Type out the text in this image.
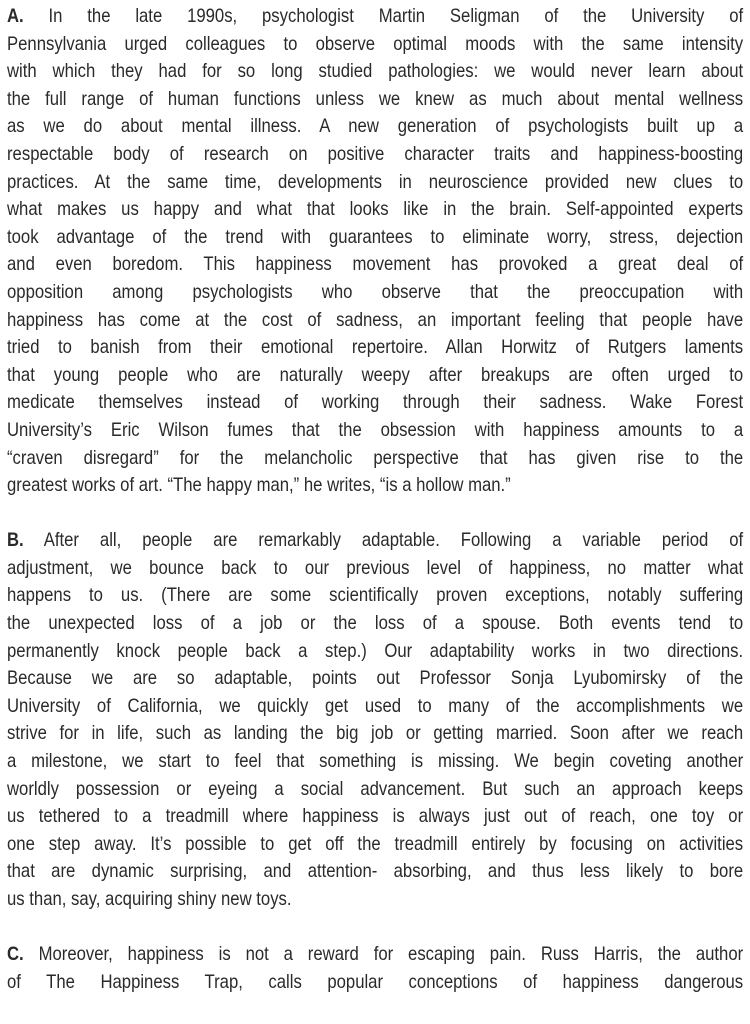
A. In the late 1990s, psychologist Martin Seligman of the University of
Pennsylvania urged colleagues to observe optimal moods with the same intensity
with which they had for so long studied pathologies: we would never learn about
the full range of human functions unless we knew as much about mental wellness
as we do about mental illness. A new generation of psychologists built up a
respectable body of research on positive character traits and happiness-boosting
practices. At the same time, developments in neuroscience provided new clues to
what makes us happy and what that looks like in the brain. Self-appointed experts
took advantage of the trend with guarantees to eliminate worry, stress, dejection
and even boredom. This happiness movement has provoked a great deal of
opposition among psychologists who observe that the preoccupation with
happiness has come at the cost of sadness, an important feeling that people have
tried to banish from their emotional repertoire. Allan Horwitz of Rutgers laments
that young people who are naturally weepy after breakups are often urged to
medicate themselves instead of working through their sadness. Wake Forest
University’s Eric Wilson fumes that the obsession with happiness amounts to a
“craven disregard” for the melancholic perspective that has given rise to the
greatest works of art. “The happy man,” he writes, “is a hollow man.”
B. After all, people are remarkably adaptable. Following a variable period of
adjustment, we bounce back to our previous level of happiness, no matter what
happens to us. (There are some scientifically proven exceptions, notably suffering
the unexpected loss of a job or the loss of a spouse. Both events tend to
permanently knock people back a step.) Our adaptability works in two directions.
Because we are so adaptable, points out Professor Sonja Lyubomirsky of the
University of California, we quickly get used to many of the accomplishments we
strive for in life, such as landing the big job or getting married. Soon after we reach
a milestone, we start to feel that something is missing. We begin coveting another
worldly possession or eyeing a social advancement. But such an approach keeps
us tethered to a treadmill where happiness is always just out of reach, one toy or
one step away. It’s possible to get off the treadmill entirely by focusing on activities
that are dynamic surprising, and attention- absorbing, and thus less likely to bore
us than, say, acquiring shiny new toys.
C. Moreover, happiness is not a reward for escaping pain. Russ Harris, the author
of The Happiness Trap, calls popular conceptions of happiness dangerous
